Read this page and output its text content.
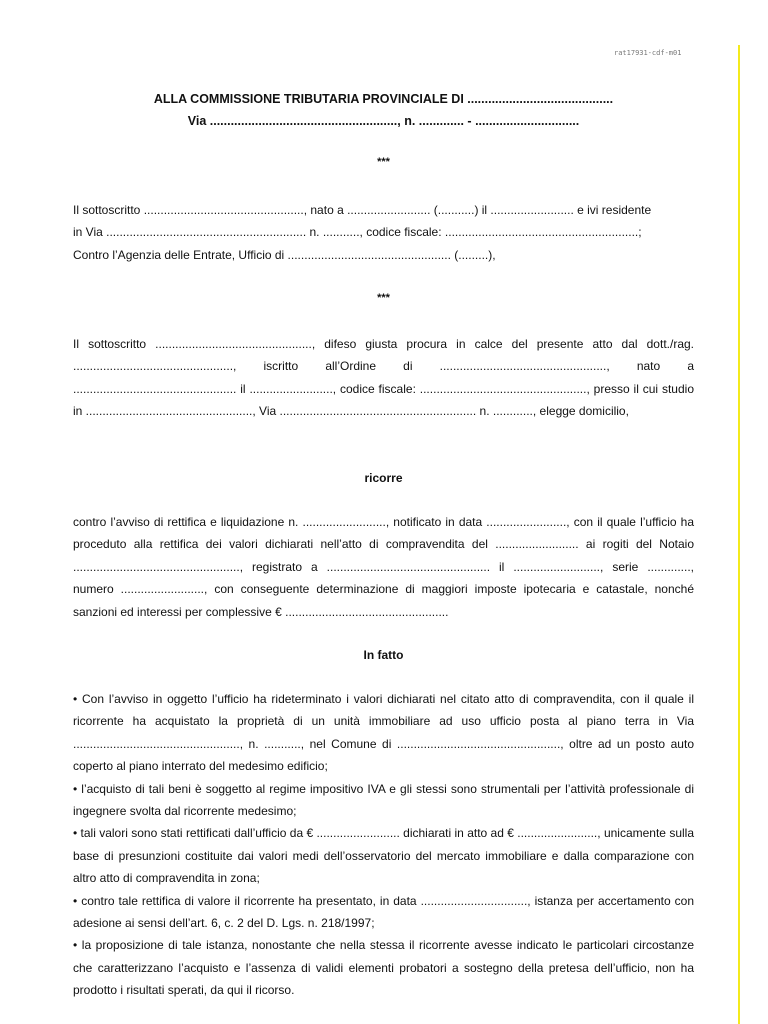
rat17931-cdf-m01
ALLA COMMISSIONE TRIBUTARIA PROVINCIALE DI ..........................................
Via ......................................................, n. ............. - ..............................
***

Il sottoscritto ................................................, nato a ......................... (...........) il ......................... e ivi residente

in Via ............................................................ n. ..........., codice fiscale: ..........................................................;

Contro l’Agenzia delle Entrate, Ufficio di ................................................. (.........),

***
Il sottoscritto ..............................................., difeso giusta procura in calce del presente atto dal dott./rag. ................................................, iscritto all’Ordine di .................................................., nato a ................................................. il ........................., codice fiscale: .................................................., presso il cui studio in .................................................., Via ........................................................... n. ............, elegge domicilio,
ricorre
contro l’avviso di rettifica e liquidazione n. ........................., notificato in data ........................, con il quale l’ufficio ha proceduto alla rettifica dei valori dichiarati nell’atto di compravendita del ......................... ai rogiti del Notaio .................................................., registrato a ................................................. il .........................., serie ............., numero ........................., con conseguente determinazione di maggiori imposte ipotecaria e catastale, nonché sanzioni ed interessi per complessive € .................................................
In fatto

• Con l’avviso in oggetto l’ufficio ha rideterminato i valori dichiarati nel citato atto di compravendita, con il quale il ricorrente ha acquistato la proprietà di un unità immobiliare ad uso ufficio posta al piano terra in Via .................................................., n. ..........., nel Comune di ................................................., oltre ad un posto auto coperto al piano interrato del medesimo edificio;

• l’acquisto di tali beni è soggetto al regime impositivo IVA e gli stessi sono strumentali per l’attività professionale di ingegnere svolta dal ricorrente medesimo;

• tali valori sono stati rettificati dall’ufficio da € ......................... dichiarati in atto ad € ........................, unicamente sulla base di presunzioni costituite dai valori medi dell’osservatorio del mercato immobiliare e dalla comparazione con altro atto di compravendita in zona;

• contro tale rettifica di valore il ricorrente ha presentato, in data ................................, istanza per accertamento con adesione ai sensi dell’art. 6, c. 2 del D. Lgs. n. 218/1997;

• la proposizione di tale istanza, nonostante che nella stessa il ricorrente avesse indicato le particolari circostanze che caratterizzano l’acquisto e l’assenza di validi elementi probatori a sostegno della pretesa dell’ufficio, non ha prodotto i risultati sperati, da qui il ricorso.
